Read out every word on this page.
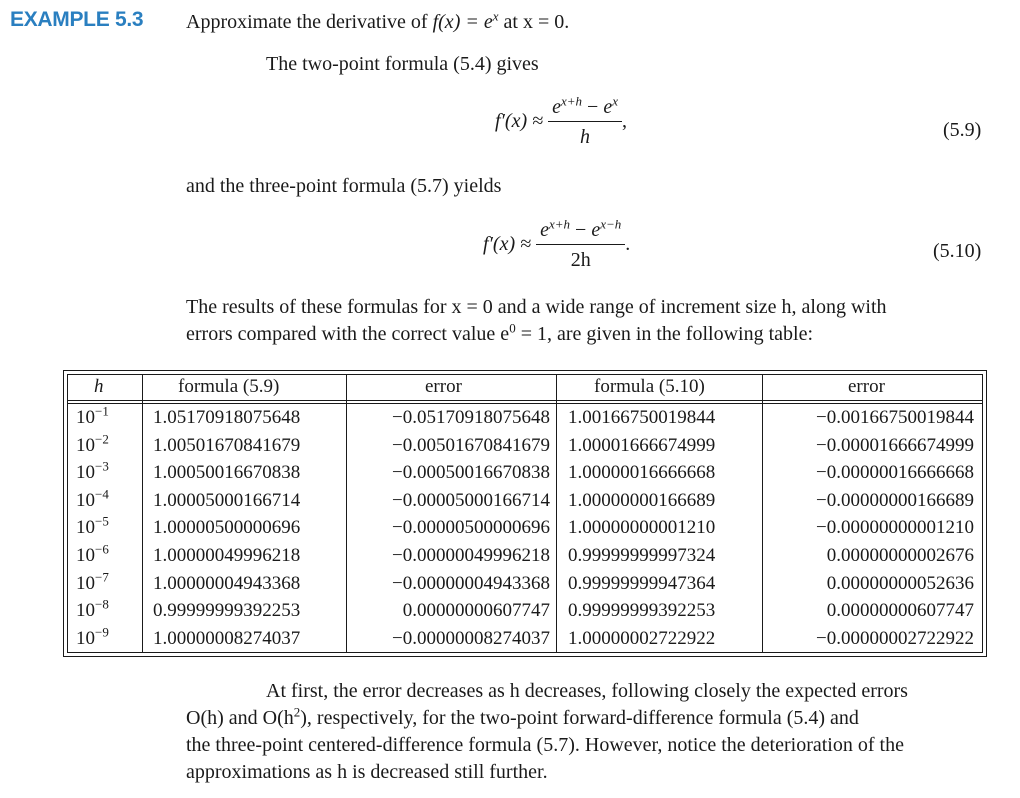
EXAMPLE 5.3 Approximate the derivative of $f(x) = e^x$ at x = 0.
The two-point formula (5.4) gives
$f'(x) \approx \frac{e^{x+h} - e^x}{h}$ ,	(5.9)
and the three-point formula (5.7) yields
$f'(x) \approx \frac{e^{x+h} - e^{x-h}}{2h}$ .	(5.10)
The results of these formulas for x = 0 and a wide range of increment size h, along with
errors compared with the correct value $e^0 = 1$, are given in the following table:
h	formula (5.9)	error	formula (5.10)	error
$10^{-1}$ 1.05170918075648	−0.05170918075648 1.00166750019844	−0.00166750019844
$10^{-2}$ 1.00501670841679	−0.00501670841679 1.00001666674999	−0.00001666674999
$10^{-3}$ 1.00050016670838	−0.00050016670838 1.00000016666668	−0.00000016666668
$10^{-4}$ 1.00005000166714	−0.00005000166714 1.00000000166689	−0.00000000166689
$10^{-5}$ 1.00000500000696	−0.00000500000696 1.00000000001210	−0.00000000001210
$10^{-6}$ 1.00000049996218	−0.00000049996218 0.99999999997324	0.00000000002676
$10^{-7}$ 1.00000004943368	−0.00000004943368 0.99999999947364	0.00000000052636
$10^{-8}$ 0.99999999392253	0.00000000607747 0.99999999392253	0.00000000607747
$10^{-9}$ 1.00000008274037	−0.00000008274037 1.00000002722922	−0.00000002722922
At first, the error decreases as h decreases, following closely the expected errors
O(h) and $O(h^2)$, respectively, for the two-point forward-difference formula (5.4) and
the three-point centered-difference formula (5.7). However, notice the deterioration of the
approximations as h is decreased still further.
